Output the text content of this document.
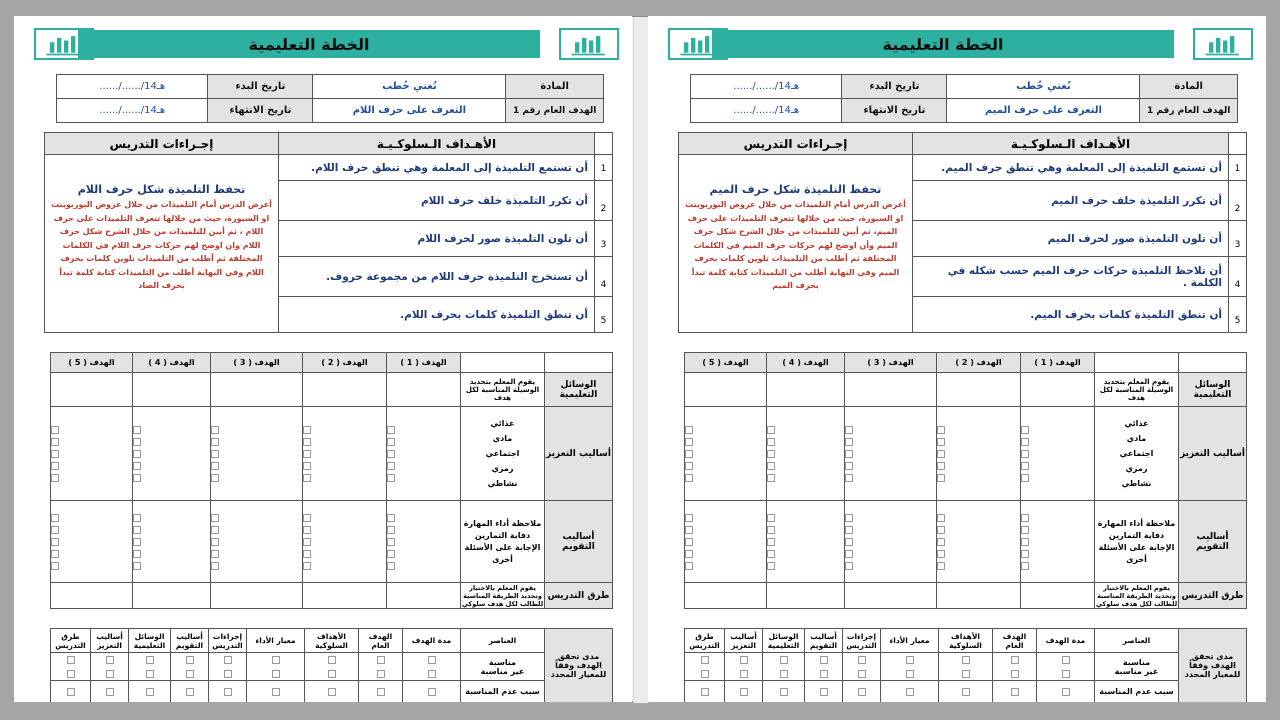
الخطة التعليمية
المادة	نُغني خُطب	تاريخ البدء	....../....../14هـ
الهدف العام رقم 1	التعرف على حرف اللام	تاريخ الانتهاء	....../....../14هـ
	الأهـداف الـسلوكـيـة	إجـراءات التدريس
1	أن تستمع التلميذة إلى المعلمة وهي تنطق حرف اللام.	تحفظ التلميذة شكل حرف اللام
أعرض الدرس أمام التلميذات من خلال عروض البوربوينت او السبورة، حيث من خلالها تتعرف التلميذات على حرف اللام ، ثم أبين للتلميذات من خلال الشرح شكل حرف اللام وان اوضح لهم حركات حرف اللام في الكلمات المختلفة ثم أطلب من التلميذات تلوين كلمات بحرف اللام وفي النهاية أطلب من التلميذات كتابة كلمة تبدأ بحرف الصاد

2	أن تكرر التلميذة خلف حرف اللام	
3	أن تلون التلميذة صور لحرف اللام	
4	أن تستخرج التلميذة حرف اللام من مجموعة حروف.	
5	أن تنطق التلميذة كلمات بحرف اللام.	
		الهدف ( 1 )	الهدف ( 2 )	الهدف ( 3 )	الهدف ( 4 )	الهدف ( 5 )
الوسائل التعليمية	يقوم المعلم بتحديد الوسيلة المناسبة لكل هدف					
أساليب التعزيز	غذائي
مادي
اجتماعي
رمزي
نشاطي					

أساليب التقويم	ملاحظة أداء المهارة
دفاية التمارين
الإجابة على الأسئلة
أخرى					

طرق التدريس	يقوم المعلم بالاختيار وتحديد الطريقة المناسبة للطالب لكل هدف سلوكي					
مدى تحقق الهدف وفقاً للمعيار المحدد	العناصر	مدة الهدف	الهدف العام	الأهداف السلوكية	معيار الأداء	إجراءات التدريس	أساليب التقويم	الوسائل التعليمية	أساليب التعزيز	طرق التدريس

	مناسبة
غير مناسبة									

	سبب عدم المناسبة	

الخطة التعليمية
المادة	نُغني خُطب	تاريخ البدء	....../....../14هـ
الهدف العام رقم 1	التعرف على حرف الميم	تاريخ الانتهاء	....../....../14هـ
	الأهـداف الـسلوكـيـة	إجـراءات التدريس
1	أن تستمع التلميذة إلى المعلمة وهي تنطق حرف الميم.	تحفظ التلميذة شكل حرف الميم
أعرض الدرس أمام التلميذات من خلال عروض البوربوينت او السبورة، حيث من خلالها تتعرف التلميذات على حرف الميم، ثم أبين للتلميذات من خلال الشرح شكل حرف الميم وأن اوضح لهم حركات حرف الميم في الكلمات المختلفة ثم أطلب من التلميذات تلوين كلمات بحرف الميم وفي النهاية أطلب من التلميذات كتابة كلمة تبدأ بحرف الميم

2	أن تكرر التلميذة خلف حرف الميم	
3	أن تلون التلميذة صور لحرف الميم	
4	أن تلاحظ التلميذة حركات حرف الميم حسب شكله في الكلمة .	
5	أن تنطق التلميذة كلمات بحرف الميم.	
		الهدف ( 1 )	الهدف ( 2 )	الهدف ( 3 )	الهدف ( 4 )	الهدف ( 5 )
الوسائل التعليمية	يقوم المعلم بتحديد الوسيلة المناسبة لكل هدف					
أساليب التعزيز	غذائي
مادي
اجتماعي
رمزي
نشاطي					

أساليب التقويم	ملاحظة أداء المهارة
دفاية التمارين
الإجابة على الأسئلة
أخرى					

طرق التدريس	يقوم المعلم بالاختيار وتحديد الطريقة المناسبة للطالب لكل هدف سلوكي					
مدى تحقق الهدف وفقاً للمعيار المحدد	العناصر	مدة الهدف	الهدف العام	الأهداف السلوكية	معيار الأداء	إجراءات التدريس	أساليب التقويم	الوسائل التعليمية	أساليب التعزيز	طرق التدريس

	مناسبة
غير مناسبة									

	سبب عدم المناسبة	
